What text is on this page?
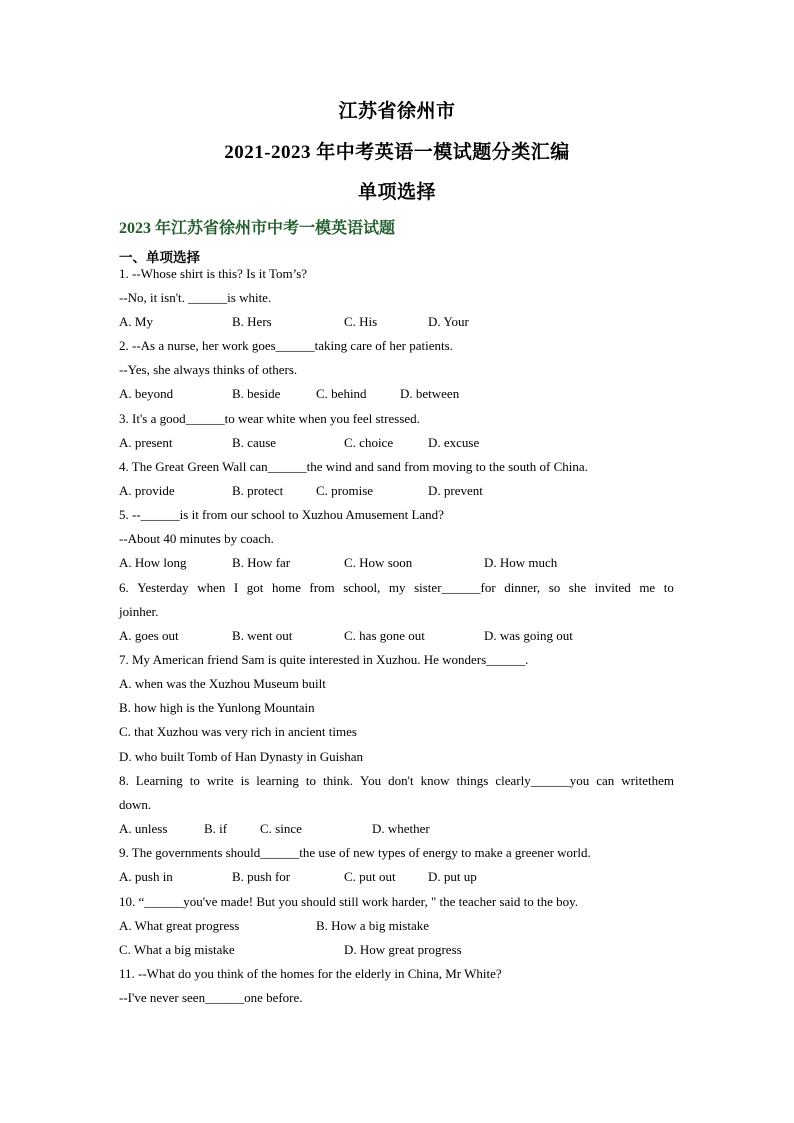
江苏省徐州市
2021-2023 年中考英语一模试题分类汇编
单项选择
2023 年江苏省徐州市中考一模英语试题
一、单项选择
1. --Whose shirt is this? Is it Tom’s?
--No, it isn't. ______is white.
A. My	B. Hers	C. His	D. Your
2. --As a nurse, her work goes______taking care of her patients.
--Yes, she always thinks of others.
A. beyond	B. beside	C. behind	D. between
3. It's a good______to wear white when you feel stressed.
A. present	B. cause	C. choice	D. excuse
4. The Great Green Wall can______the wind and sand from moving to the south of China.
A. provide	B. protect	C. promise	D. prevent
5. --______is it from our school to Xuzhou Amusement Land?
--About 40 minutes by coach.
A. How long	B. How far	C. How soon	D. How much
6. Yesterday when I got home from school, my sister______for dinner, so she invited me to
joinher.
A. goes out	B. went out	C. has gone out	D. was going out
7. My American friend Sam is quite interested in Xuzhou. He wonders______.
A. when was the Xuzhou Museum built
B. how high is the Yunlong Mountain
C. that Xuzhou was very rich in ancient times
D. who built Tomb of Han Dynasty in Guishan
8. Learning to write is learning to think. You don't know things clearly______you can writethem
down.
A. unless	B. if	C. since	D. whether
9. The governments should______the use of new types of energy to make a greener world.
A. push in	B. push for	C. put out D. put up
10. “______you've made! But you should still work harder, " the teacher said to the boy.
A. What great progress	B. How a big mistake
C. What a big mistake	D. How great progress
11. --What do you think of the homes for the elderly in China, Mr White?
--I've never seen______one before.
